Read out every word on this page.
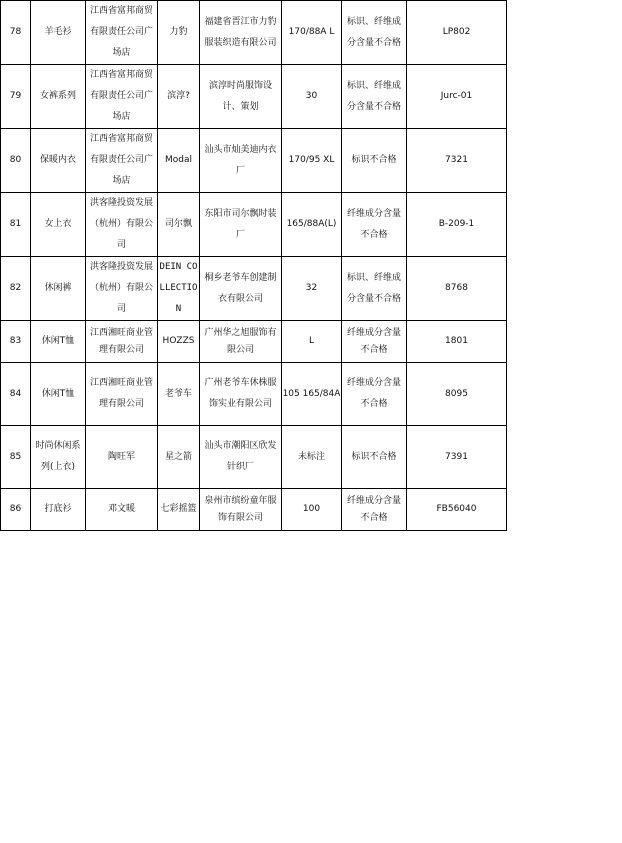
78	羊毛衫	江西省富邦商贸有限责任公司广场店	力豹	福建省晋江市力豹服装织造有限公司	170/88A L	标识、纤维成分含量不合格	LP802
79	女裤系列	江西省富邦商贸有限责任公司广场店	滨淳?	滨淳时尚服饰设计、策划	30	标识、纤维成分含量不合格	Jurc-01
80	保暖内衣	江西省富邦商贸有限责任公司广场店	Modal	汕头市灿美迪内衣厂	170/95 XL	标识不合格	7321
81	女上衣	洪客隆投资发展（杭州）有限公司	司尔飘	东阳市司尔飘时装厂	165/88A(L)	纤维成分含量不合格	B-209-1
82	休闲裤	洪客隆投资发展（杭州）有限公司	DEIN COLLECTION	桐乡老爷车创建制衣有限公司	32	标识、纤维成分含量不合格	8768
83	休闲T恤	江西湘旺商业管理有限公司	HOZZS	广州华之旭服饰有限公司	L	纤维成分含量不合格	1801
84	休闲T恤	江西湘旺商业管理有限公司	老爷车	广州老爷车休株服饰实业有限公司	105 165/84A	纤维成分含量不合格	8095
85	时尚休闲系列(上衣)	陶旺军	星之箭	汕头市潮阳区欣发针织厂	未标注	标识不合格	7391
86	打底衫	邓文暖	七彩摇篮	泉州市缤纷童年服饰有限公司	100	纤维成分含量不合格	FB56040
